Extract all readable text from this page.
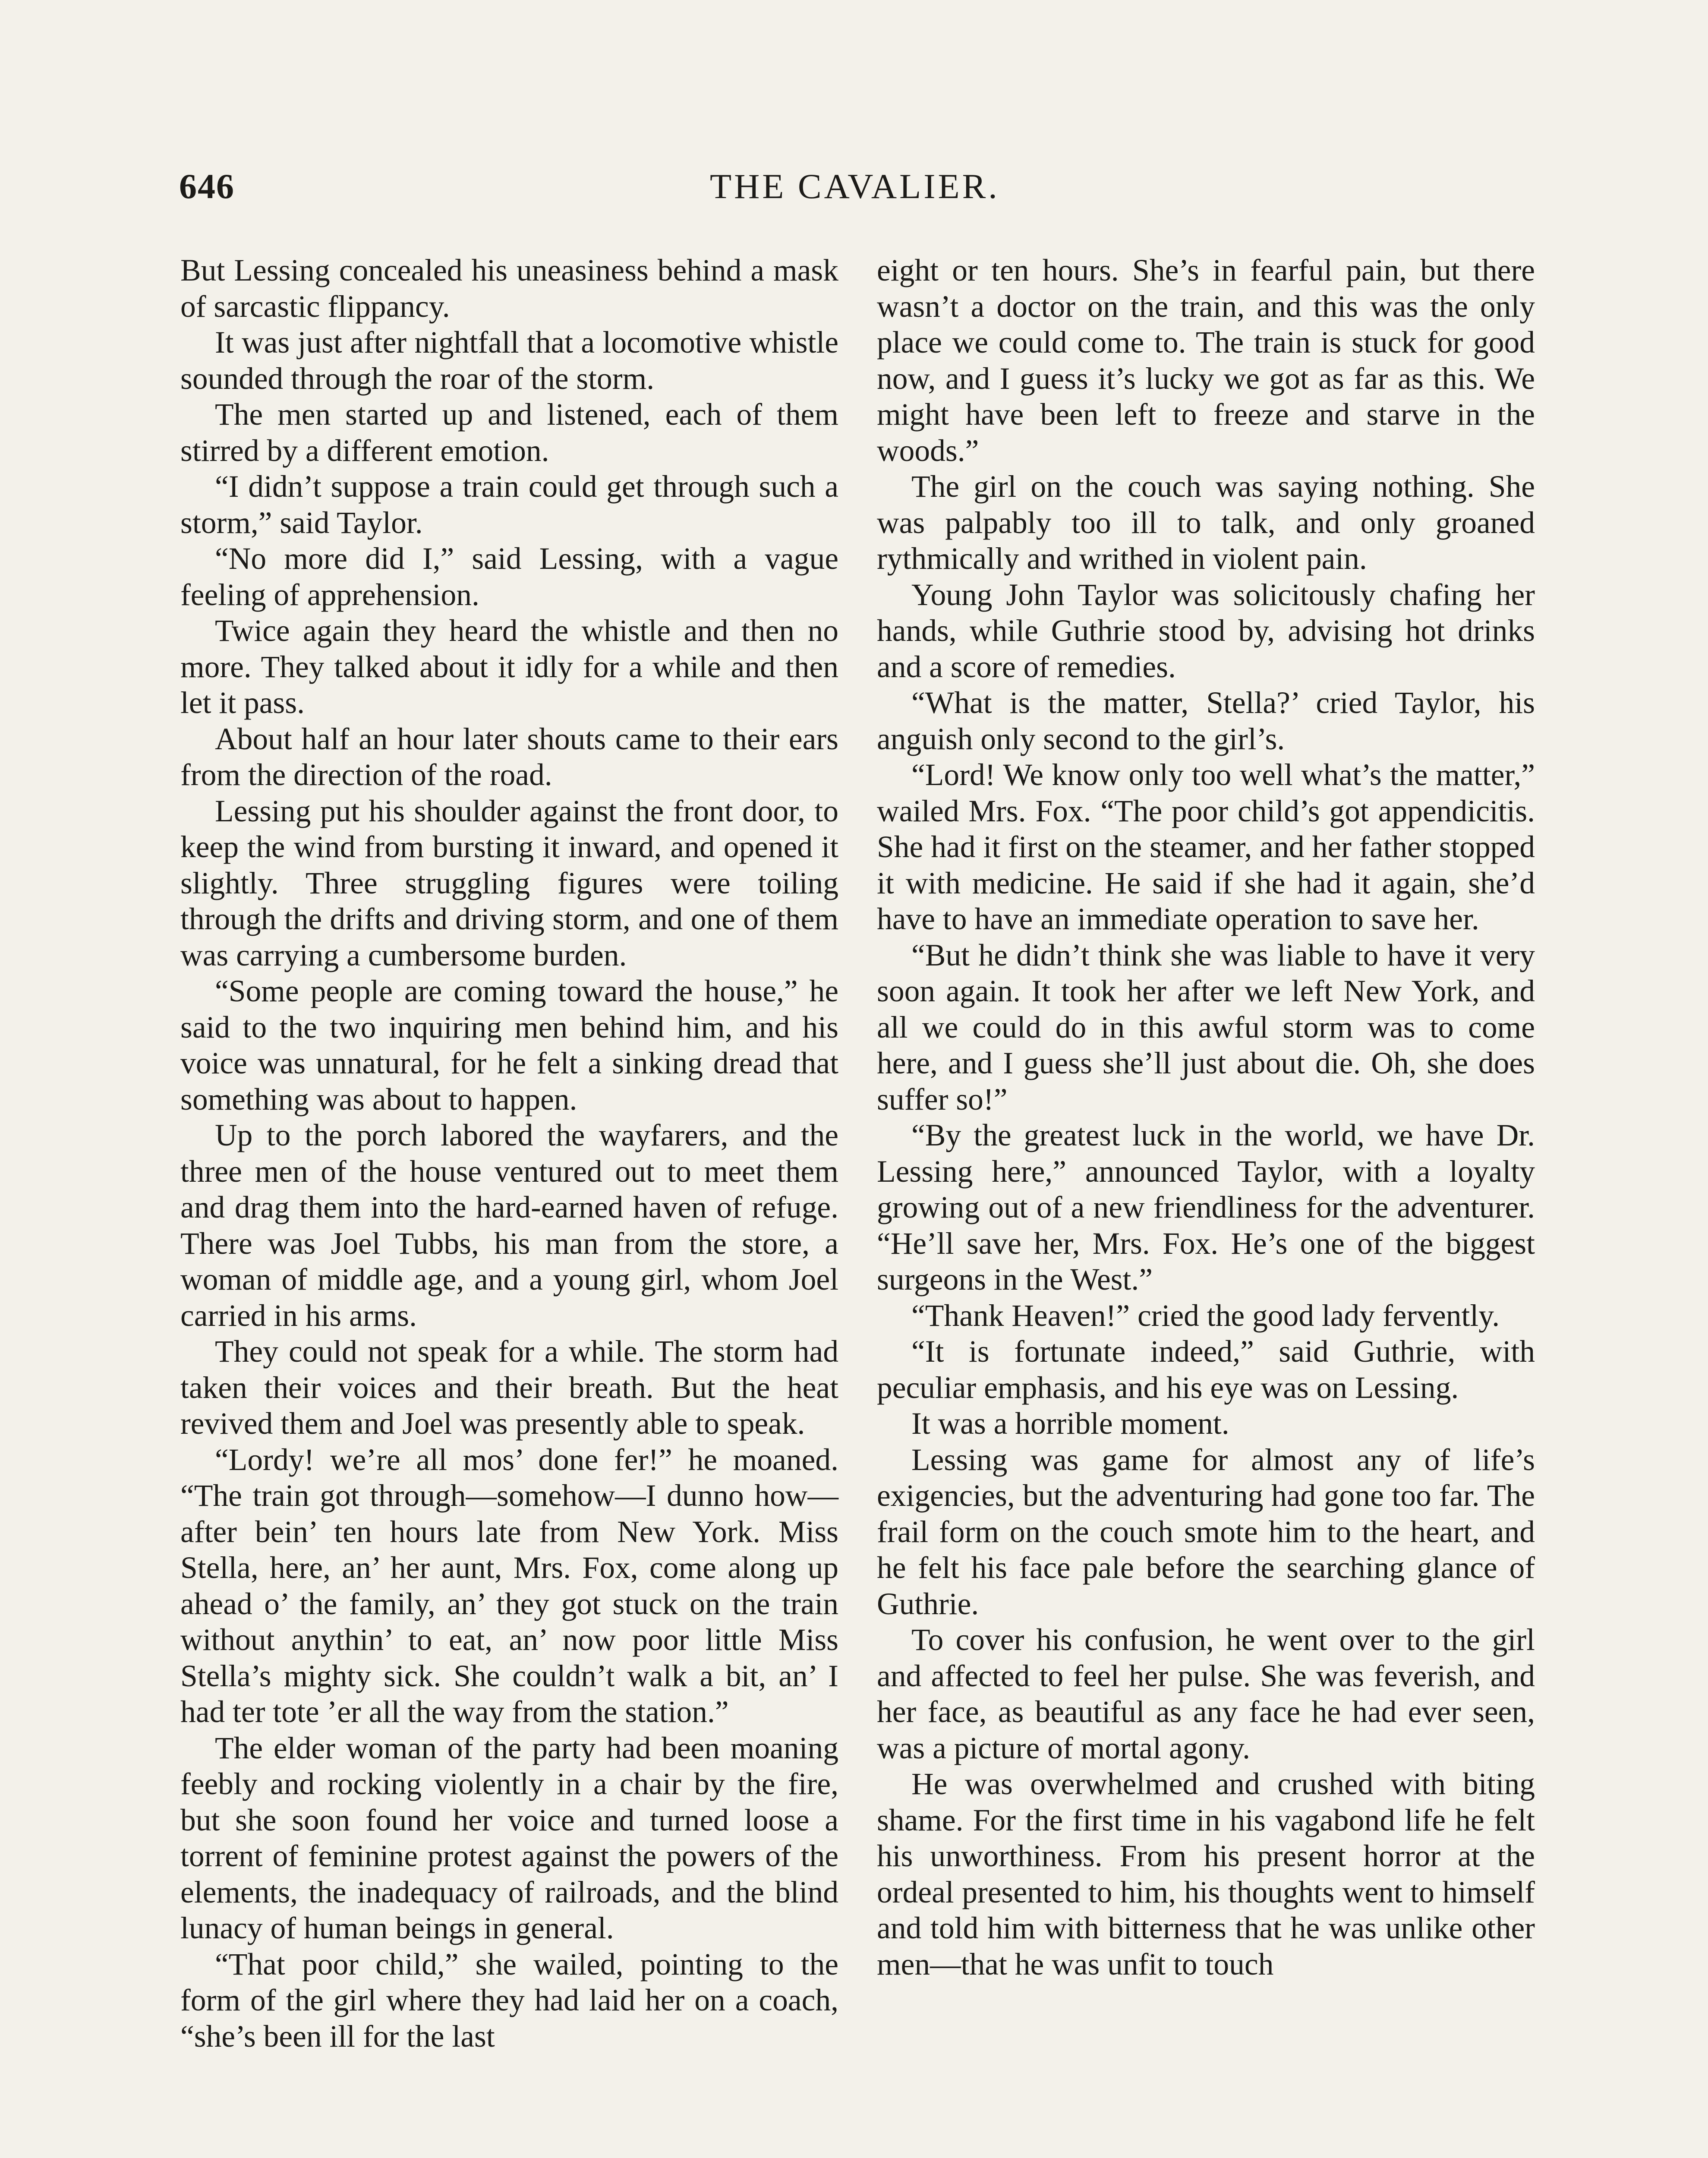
646	THE CAVALIER.

But Lessing concealed his uneasiness behind a mask of sarcastic flippancy.

It was just after nightfall that a locomotive whistle sounded through the roar of the storm.

The men started up and listened, each of them stirred by a different emotion.

“I didn’t suppose a train could get through such a storm,” said Taylor.

“No more did I,” said Lessing, with a vague feeling of apprehension.

Twice again they heard the whistle and then no more. They talked about it idly for a while and then let it pass.

About half an hour later shouts came to their ears from the direction of the road.

Lessing put his shoulder against the front door, to keep the wind from bursting it inward, and opened it slightly. Three struggling figures were toiling through the drifts and driving storm, and one of them was carrying a cumbersome burden.

“Some people are coming toward the house,” he said to the two inquiring men behind him, and his voice was unnatural, for he felt a sinking dread that something was about to happen.

Up to the porch labored the wayfarers, and the three men of the house ventured out to meet them and drag them into the hard-earned haven of refuge. There was Joel Tubbs, his man from the store, a woman of middle age, and a young girl, whom Joel carried in his arms.

They could not speak for a while. The storm had taken their voices and their breath. But the heat revived them and Joel was presently able to speak.

“Lordy! we’re all mos’ done fer!” he moaned. “The train got through—somehow—I dunno how—after bein’ ten hours late from New York. Miss Stella, here, an’ her aunt, Mrs. Fox, come along up ahead o’ the family, an’ they got stuck on the train without anythin’ to eat, an’ now poor little Miss Stella’s mighty sick. She couldn’t walk a bit, an’ I had ter tote ’er all the way from the station.”

The elder woman of the party had been moaning feebly and rocking violently in a chair by the fire, but she soon found her voice and turned loose a torrent of feminine protest against the powers of the elements, the inadequacy of railroads, and the blind lunacy of human beings in general.

“That poor child,” she wailed, pointing to the form of the girl where they had laid her on a coach, “she’s been ill for the last

eight or ten hours. She’s in fearful pain, but there wasn’t a doctor on the train, and this was the only place we could come to. The train is stuck for good now, and I guess it’s lucky we got as far as this. We might have been left to freeze and starve in the woods.”

The girl on the couch was saying nothing. She was palpably too ill to talk, and only groaned rythmically and writhed in violent pain.

Young John Taylor was solicitously chafing her hands, while Guthrie stood by, advising hot drinks and a score of remedies.

“What is the matter, Stella?’ cried Taylor, his anguish only second to the girl’s.

“Lord! We know only too well what’s the matter,” wailed Mrs. Fox. “The poor child’s got appendicitis. She had it first on the steamer, and her father stopped it with medicine. He said if she had it again, she’d have to have an immediate operation to save her.

“But he didn’t think she was liable to have it very soon again. It took her after we left New York, and all we could do in this awful storm was to come here, and I guess she’ll just about die. Oh, she does suffer so!”

“By the greatest luck in the world, we have Dr. Lessing here,” announced Taylor, with a loyalty growing out of a new friendliness for the adventurer. “He’ll save her, Mrs. Fox. He’s one of the biggest surgeons in the West.”

“Thank Heaven!” cried the good lady fervently.

“It is fortunate indeed,” said Guthrie, with peculiar emphasis, and his eye was on Lessing.

It was a horrible moment.

Lessing was game for almost any of life’s exigencies, but the adventuring had gone too far. The frail form on the couch smote him to the heart, and he felt his face pale before the searching glance of Guthrie.

To cover his confusion, he went over to the girl and affected to feel her pulse. She was feverish, and her face, as beautiful as any face he had ever seen, was a picture of mortal agony.

He was overwhelmed and crushed with biting shame. For the first time in his vagabond life he felt his unworthiness. From his present horror at the ordeal presented to him, his thoughts went to himself and told him with bitterness that he was unlike other men—that he was unfit to touch
